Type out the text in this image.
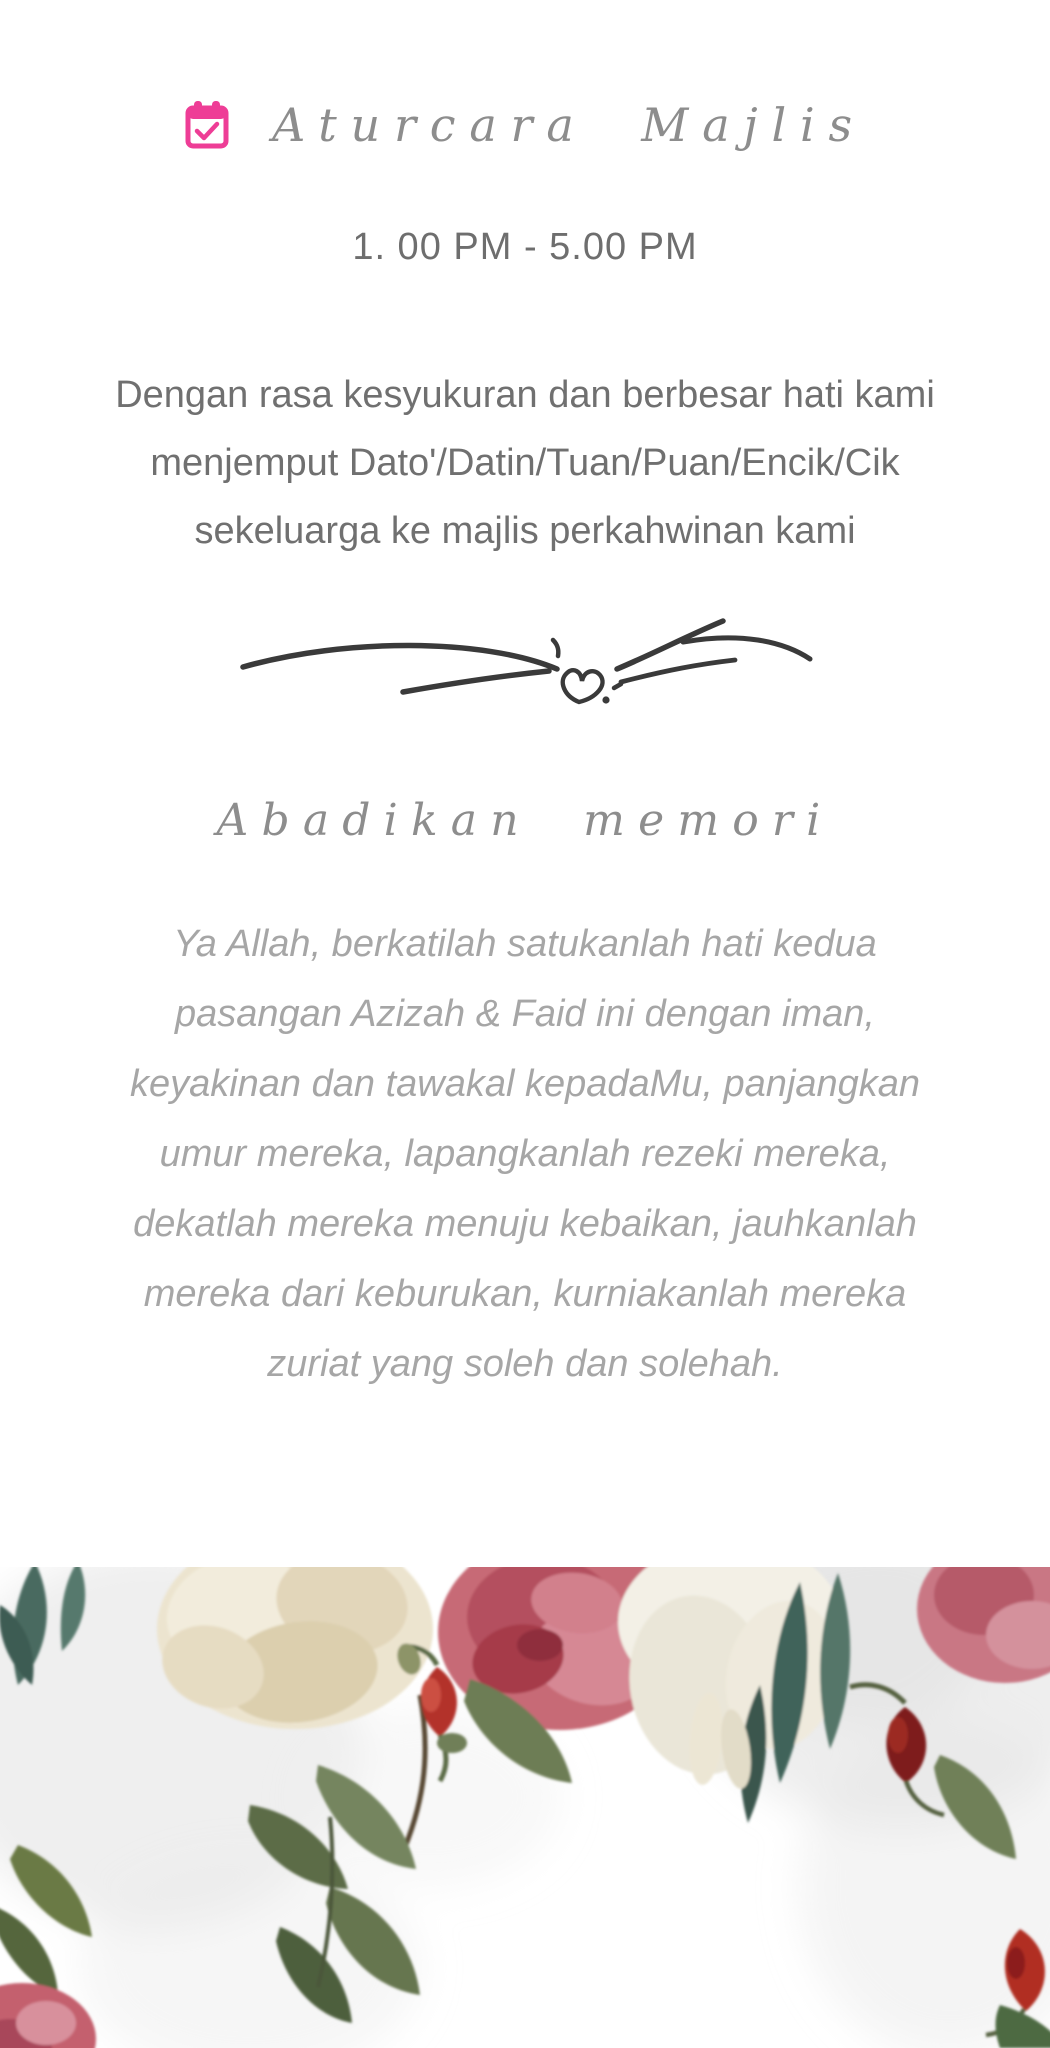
Aturcara Majlis
1. 00 PM - 5.00 PM
Dengan rasa kesyukuran dan berbesar hati kami
menjemput Dato'/Datin/Tuan/Puan/Encik/Cik
sekeluarga ke majlis perkahwinan kami
Abadikan memori
Ya Allah, berkatilah satukanlah hati kedua
pasangan Azizah & Faid ini dengan iman,
keyakinan dan tawakal kepadaMu, panjangkan
umur mereka, lapangkanlah rezeki mereka,
dekatlah mereka menuju kebaikan, jauhkanlah
mereka dari keburukan, kurniakanlah mereka
zuriat yang soleh dan solehah.
